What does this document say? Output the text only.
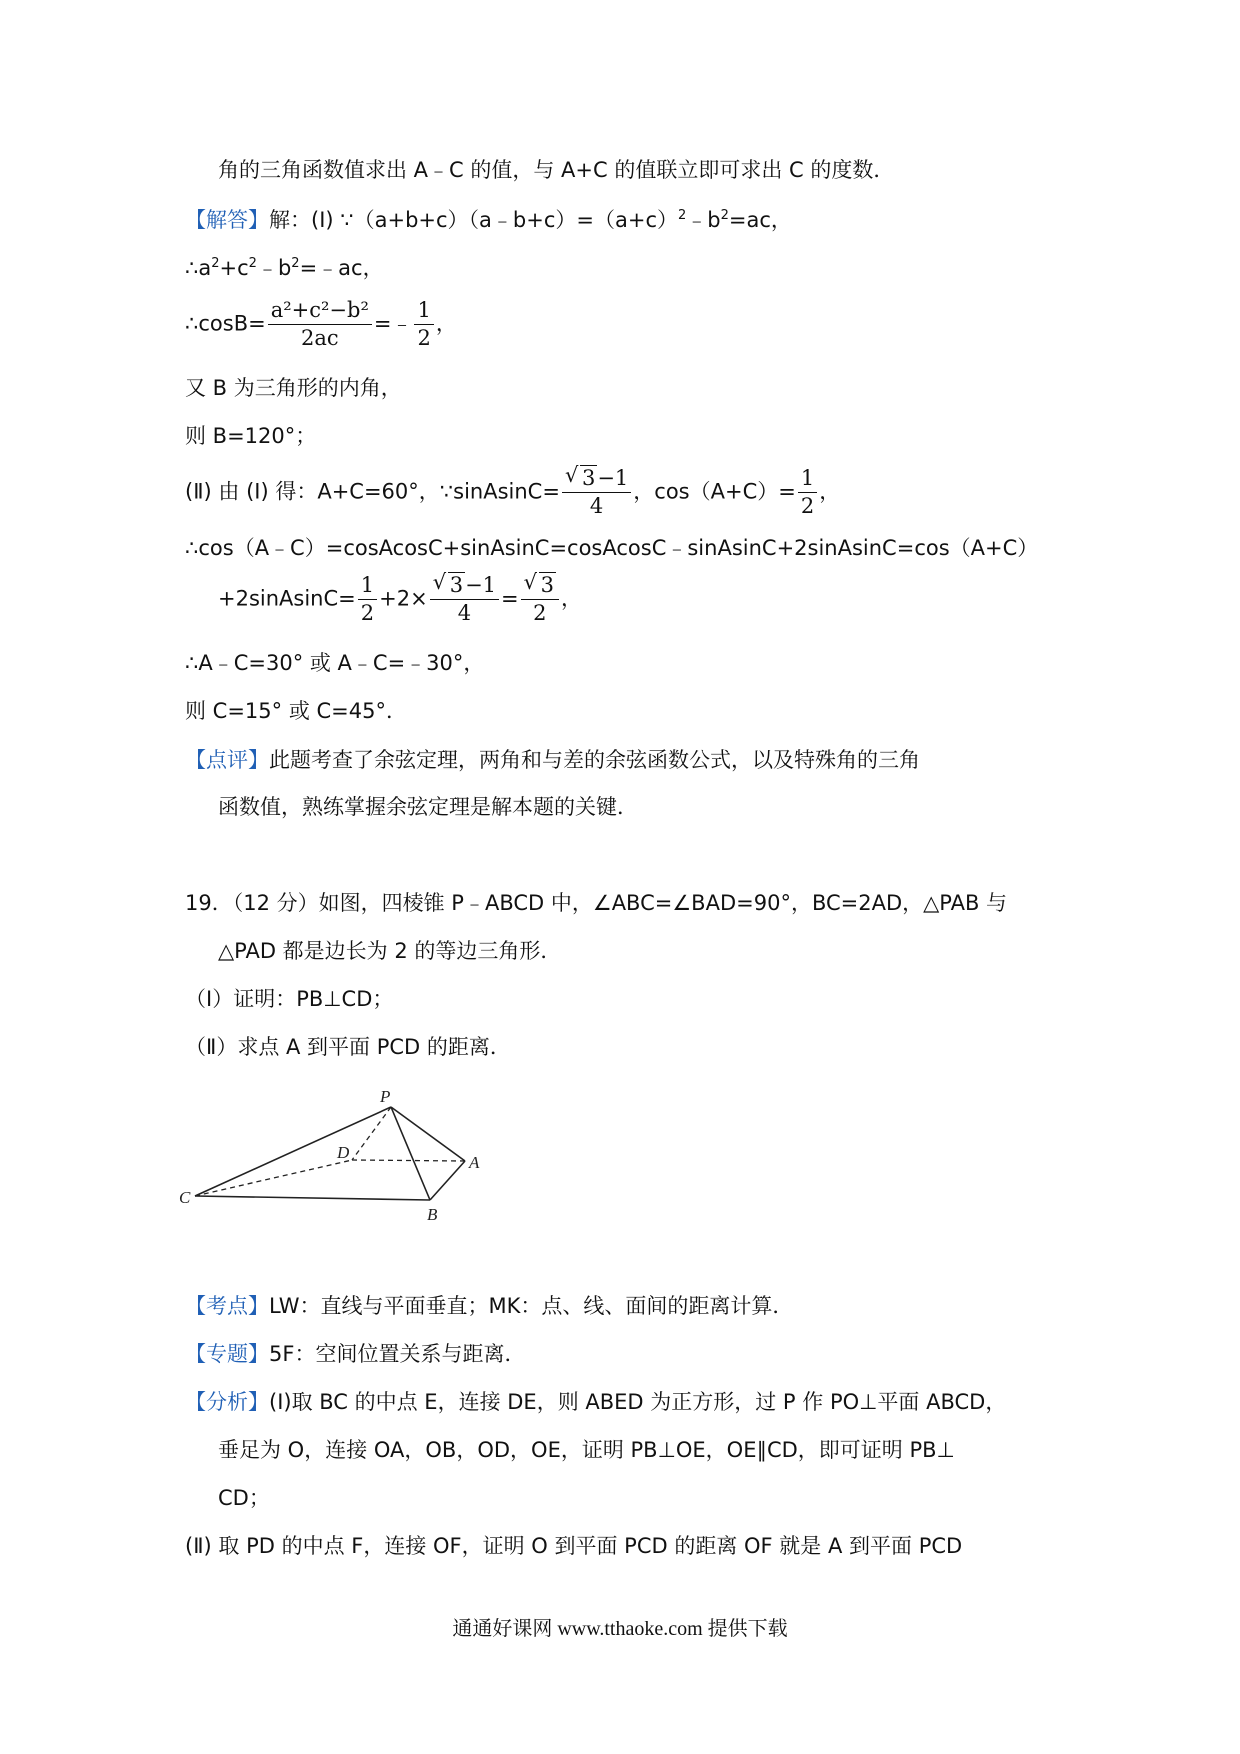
角的三角函数值求出 A﹣C 的值，与 A+C 的值联立即可求出 C 的度数．
【解答】解：(Ⅰ) $\because(a+b+c)(a﹣b+c)=(a+c)^2﹣b^2=ac$，
$\therefore a^2+c^2﹣b^2=﹣ac$，
∴cosB= $\frac{\text{a²+c²−b²}}{2ac}$ =﹣ $\frac{1}{2}$ ，
又 B 为三角形的内角，
则 B=120°；
(Ⅱ) 由 (Ⅰ) 得：A+C=60°，∵sinAsinC= $\frac{√ 3-1}{4}$ ，$\cos(A+C)= \frac{1}{2}$ ，
∴cos（A﹣C）=cosAcosC+sinAsinC=cosAcosC﹣sinAsinC+2sinAsinC=cos（A+C）
+2sinAsinC= $\frac{1}{2} +2\times \frac{√ 3-1}{4} = \frac{√ 3}{2}$ ，
∴A﹣C=30° 或 A﹣C=﹣30°，
则 C=15° 或 C=45°．
【点评】此题考查了余弦定理，两角和与差的余弦函数公式，以及特殊角的三角
函数值，熟练掌握余弦定理是解本题的关键．
19．（12 分）如图，四棱锥 P﹣ABCD 中，∠ABC=∠BAD=90°，BC=2AD，△PAB 与
△PAD 都是边长为 2 的等边三角形．
（Ⅰ）证明：PB⊥CD；
（Ⅱ）求点 A 到平面 PCD 的距离．
P
D
A
C
B
【考点】LW：直线与平面垂直；MK：点、线、面间的距离计算．
【专题】5F：空间位置关系与距离．
【分析】(Ⅰ)取 BC 的中点 E，连接 DE，则 ABED 为正方形，过 P 作 PO⊥平面 ABCD，
垂足为 O，连接 OA，OB，OD，OE，证明 PB⊥OE，OE∥CD，即可证明 PB⊥
CD；
(Ⅱ) 取 PD 的中点 F，连接 OF，证明 O 到平面 PCD 的距离 OF 就是 A 到平面 PCD
通通好课网 www.tthaoke.com 提供下载
